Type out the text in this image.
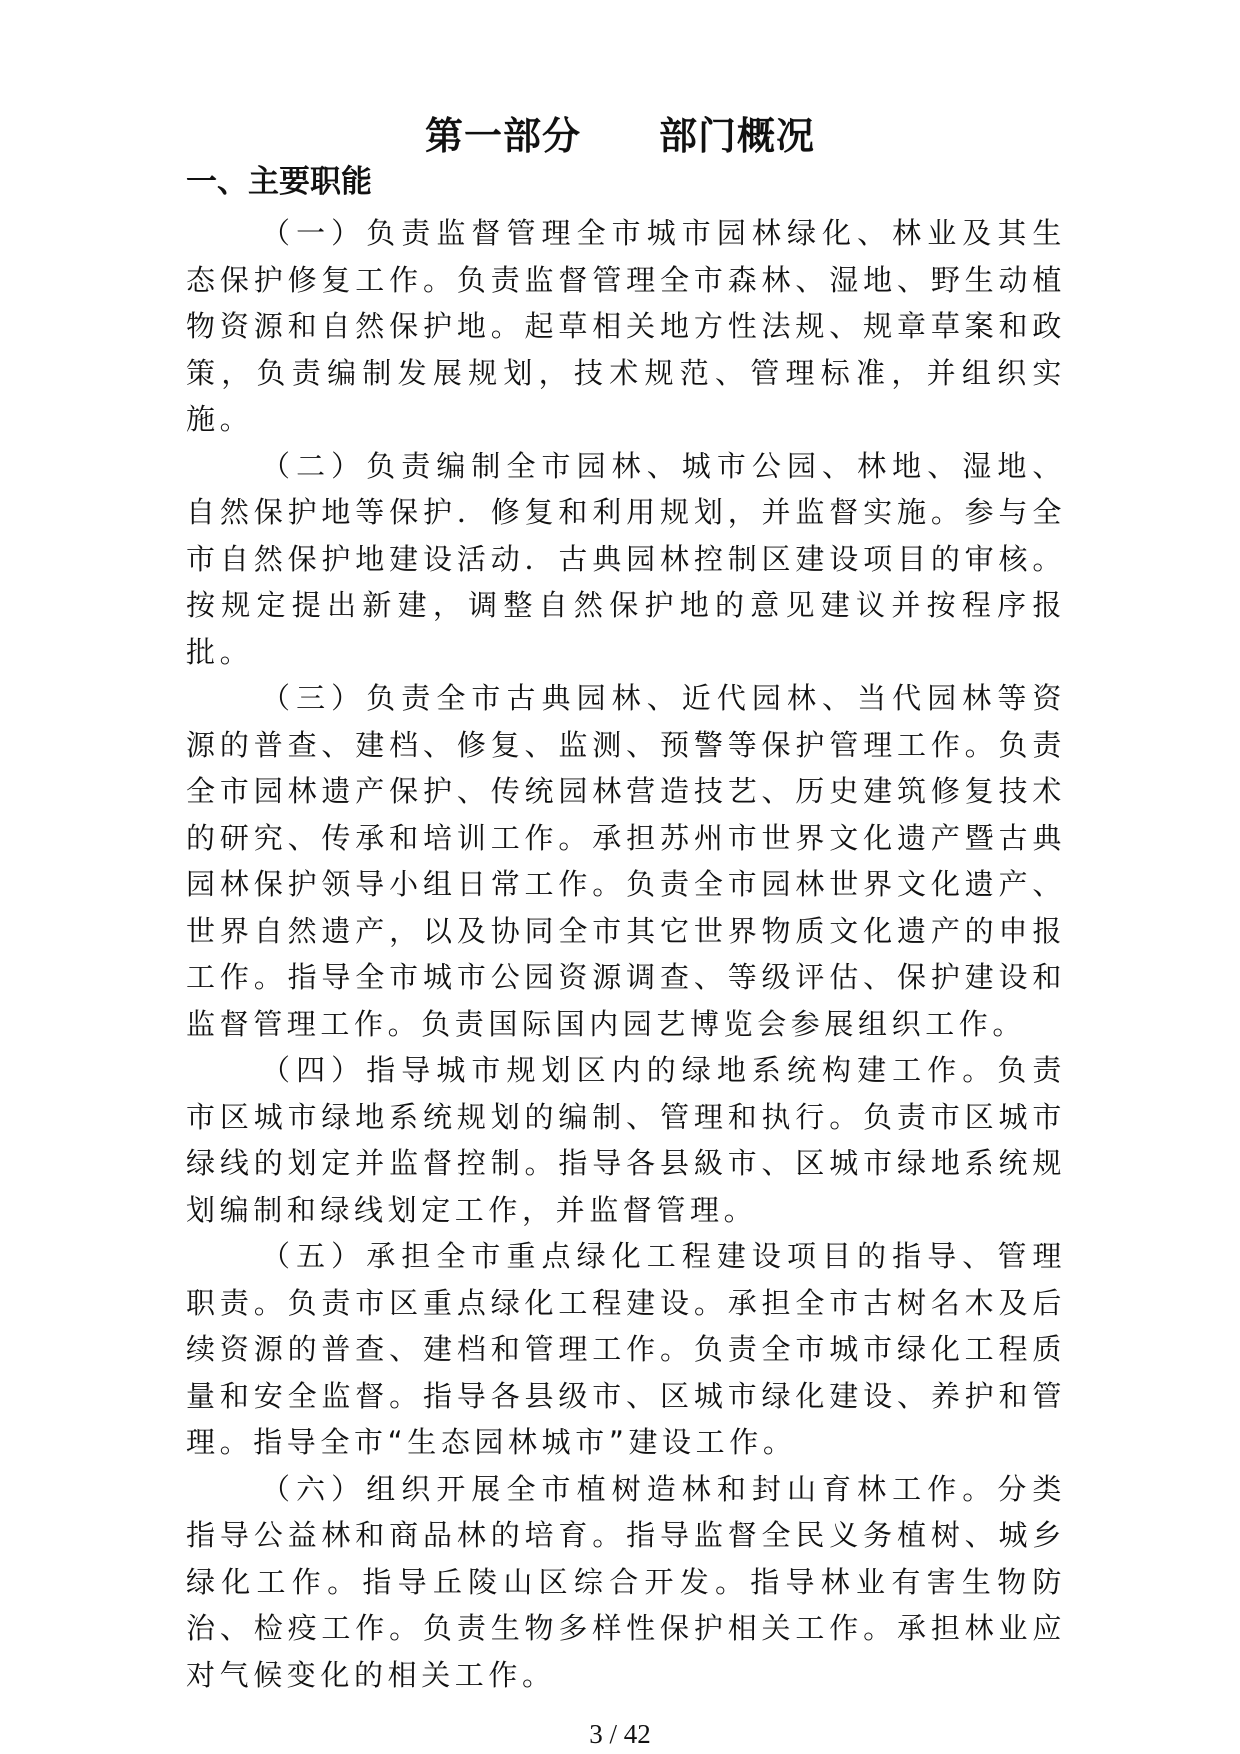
第一部分　　部门概况
一、主要职能

（一）负责监督管理全市城市园林绿化、林业及其生态保护修复工作。负责监督管理全市森林、湿地、野生动植物资源和自然保护地。起草相关地方性法规、规章草案和政策，负责编制发展规划，技术规范、管理标准，并组织实施。

（二）负责编制全市园林、城市公园、林地、湿地、自然保护地等保护．修复和利用规划，并监督实施。参与全市自然保护地建设活动．古典园林控制区建设项目的审核。按规定提出新建，调整自然保护地的意见建议并按程序报批。

（三）负责全市古典园林、近代园林、当代园林等资源的普查、建档、修复、监测、预警等保护管理工作。负责全市园林遗产保护、传统园林营造技艺、历史建筑修复技术的研究、传承和培训工作。承担苏州市世界文化遗产暨古典园林保护领导小组日常工作。负责全市园林世界文化遗产、世界自然遗产，以及协同全市其它世界物质文化遗产的申报工作。指导全市城市公园资源调查、等级评估、保护建设和监督管理工作。负责国际国内园艺博览会参展组织工作。

（四）指导城市规划区内的绿地系统构建工作。负责市区城市绿地系统规划的编制、管理和执行。负责市区城市绿线的划定并监督控制。指导各县級市、区城市绿地系统规划编制和绿线划定工作，并监督管理。

（五）承担全市重点绿化工程建设项目的指导、管理职责。负责市区重点绿化工程建设。承担全市古树名木及后续资源的普查、建档和管理工作。负责全市城市绿化工程质量和安全监督。指导各县级市、区城市绿化建设、养护和管理。指导全市“生态园林城市”建设工作。

（六）组织开展全市植树造林和封山育林工作。分类指导公益林和商品林的培育。指导监督全民义务植树、城乡绿化工作。指导丘陵山区综合开发。指导林业有害生物防治、检疫工作。负责生物多样性保护相关工作。承担林业应对气候变化的相关工作。

3 / 42
